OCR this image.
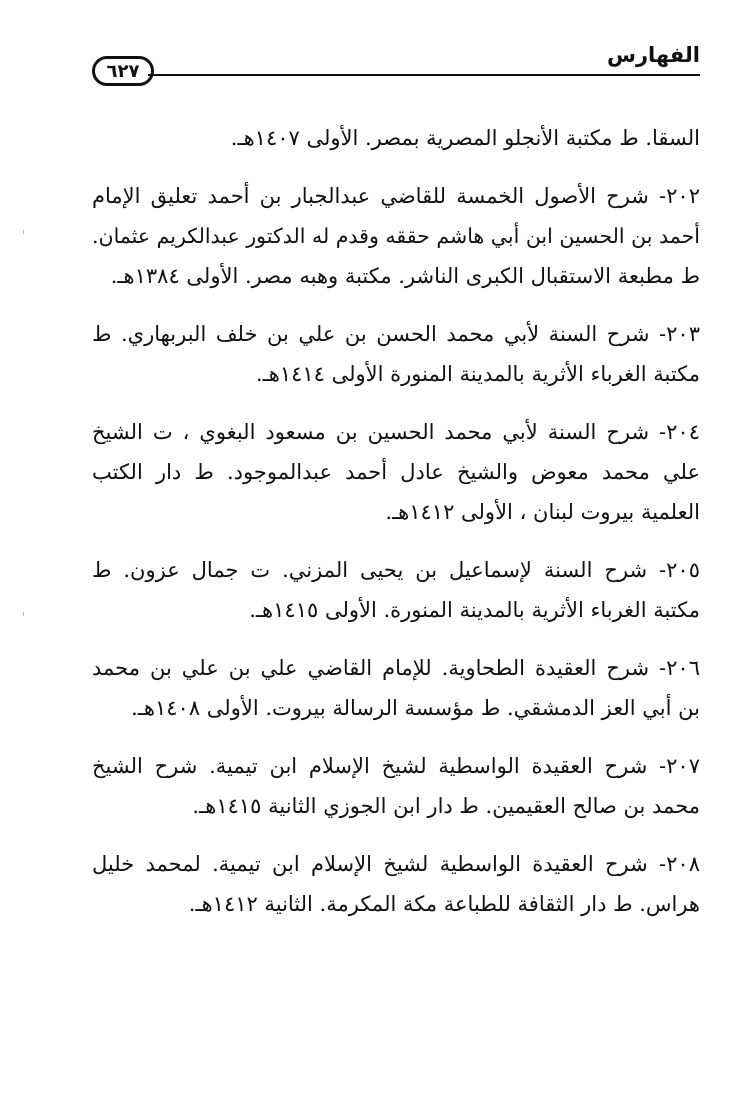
الفهارس
٦٢٧
السقا. ط مكتبة الأنجلو المصرية بمصر. الأولى ١٤٠٧هـ.
٢٠٢- شرح الأصول الخمسة للقاضي عبدالجبار بن أحمد تعليق الإمام
أحمد بن الحسين ابن أبي هاشم حققه وقدم له الدكتور عبدالكريم عثمان.
ط مطبعة الاستقبال الكبرى الناشر. مكتبة وهبه مصر. الأولى ١٣٨٤هـ.
٢٠٣- شرح السنة لأبي محمد الحسن بن علي بن خلف البربهاري. ط
مكتبة الغرباء الأثرية بالمدينة المنورة الأولى ١٤١٤هـ.
٢٠٤- شرح السنة لأبي محمد الحسين بن مسعود البغوي ، ت الشيخ
علي محمد معوض والشيخ عادل أحمد عبدالموجود. ط دار الكتب
العلمية بيروت لبنان ، الأولى ١٤١٢هـ.
٢٠٥- شرح السنة لإسماعيل بن يحيى المزني. ت جمال عزون. ط
مكتبة الغرباء الأثرية بالمدينة المنورة. الأولى ١٤١٥هـ.
٢٠٦- شرح العقيدة الطحاوية. للإمام القاضي علي بن علي بن محمد
بن أبي العز الدمشقي. ط مؤسسة الرسالة بيروت. الأولى ١٤٠٨هـ.
٢٠٧- شرح العقيدة الواسطية لشيخ الإسلام ابن تيمية. شرح الشيخ
محمد بن صالح العقيمين. ط دار ابن الجوزي الثانية ١٤١٥هـ.
٢٠٨- شرح العقيدة الواسطية لشيخ الإسلام ابن تيمية. لمحمد خليل
هراس. ط دار الثقافة للطباعة مكة المكرمة. الثانية ١٤١٢هـ.
